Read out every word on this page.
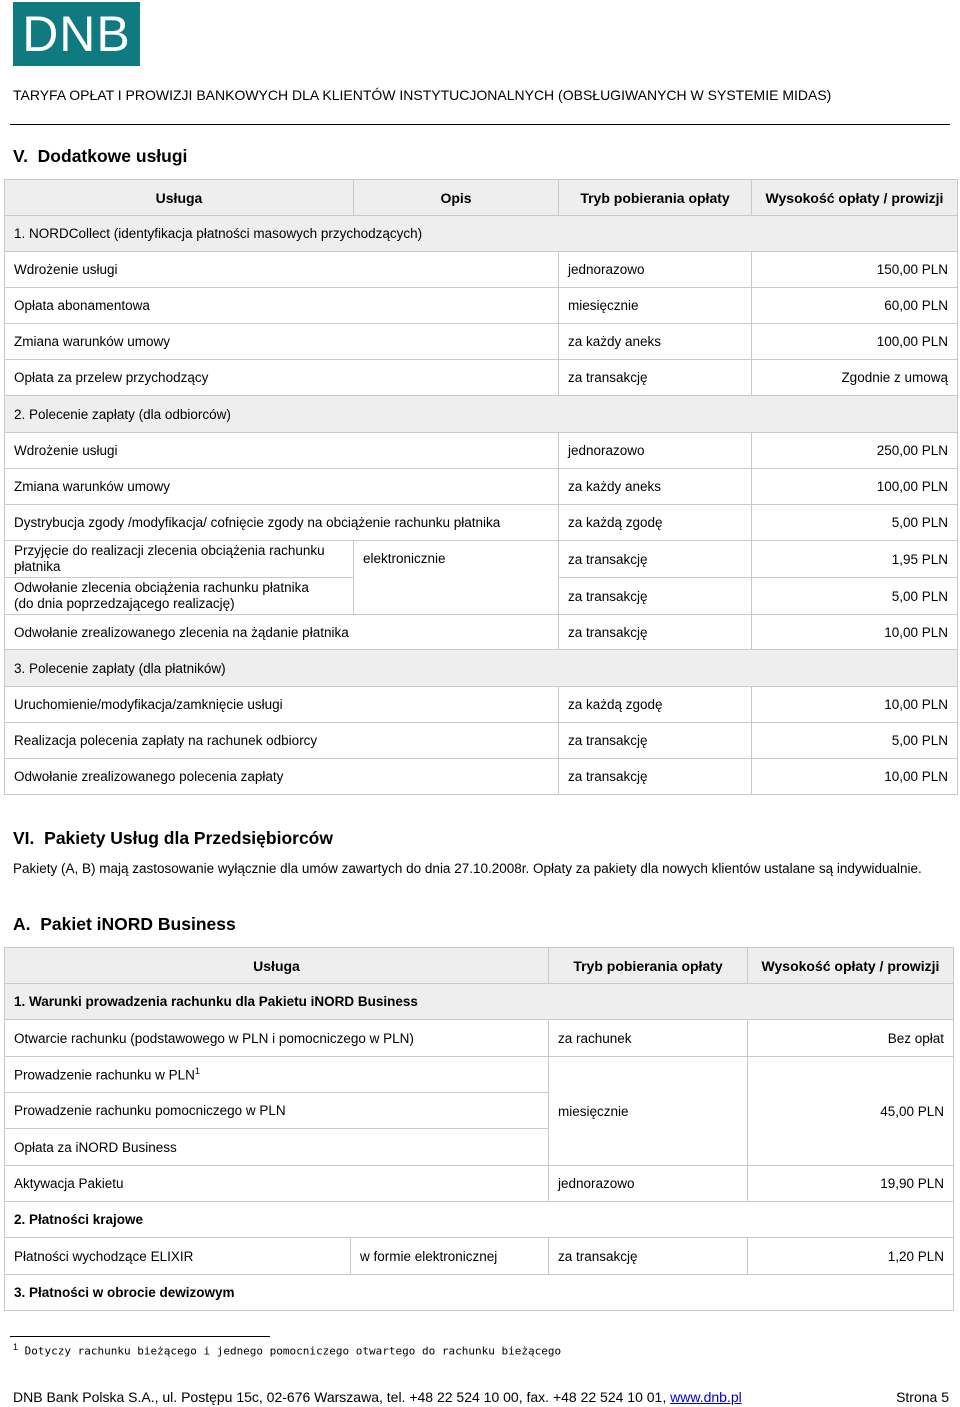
DNB
TARYFA OPŁAT I PROWIZJI BANKOWYCH DLA KLIENTÓW INSTYTUCJONALNYCH (OBSŁUGIWANYCH W SYSTEMIE MIDAS)
V. Dodatkowe usługi
Usługa	Opis	Tryb pobierania opłaty	Wysokość opłaty / prowizji
1. NORDCollect (identyfikacja płatności masowych przychodzących)			
Wdrożenie usługi		jednorazowo	150,00 PLN
Opłata abonamentowa		miesięcznie	60,00 PLN
Zmiana warunków umowy		za każdy aneks	100,00 PLN
Opłata za przelew przychodzący		za transakcję	Zgodnie z umową
2. Polecenie zapłaty (dla odbiorców)			
Wdrożenie usługi		jednorazowo	250,00 PLN
Zmiana warunków umowy		za każdy aneks	100,00 PLN
Dystrybucja zgody /modyfikacja/ cofnięcie zgody na obciążenie rachunku płatnika		za każdą zgodę	5,00 PLN

Przyjęcie do realizacji zlecenia obciążenia rachunku
płatnika	elektronicznie	za transakcję	1,95 PLN

Odwołanie zlecenia obciążenia rachunku płatnika
(do dnia poprzedzającego realizację)		za transakcję	5,00 PLN
Odwołanie zrealizowanego zlecenia na żądanie płatnika		za transakcję	10,00 PLN
3. Polecenie zapłaty (dla płatników)			
Uruchomienie/modyfikacja/zamknięcie usługi		za każdą zgodę	10,00 PLN
Realizacja polecenia zapłaty na rachunek odbiorcy		za transakcję	5,00 PLN
Odwołanie zrealizowanego polecenia zapłaty		za transakcję	10,00 PLN
VI. Pakiety Usług dla Przedsiębiorców
Pakiety (A, B) mają zastosowanie wyłącznie dla umów zawartych do dnia 27.10.2008r. Opłaty za pakiety dla nowych klientów ustalane są indywidualnie.
A. Pakiet iNORD Business
Usługa		Tryb pobierania opłaty	Wysokość opłaty / prowizji
1. Warunki prowadzenia rachunku dla Pakietu iNORD Business			
Otwarcie rachunku (podstawowego w PLN i pomocniczego w PLN)		za rachunek	Bez opłat
Prowadzenie rachunku w PLN$^1$		miesięcznie	45,00 PLN
Prowadzenie rachunku pomocniczego w PLN			
Opłata za iNORD Business			
Aktywacja Pakietu		jednorazowo	19,90 PLN
2. Płatności krajowe			
Płatności wychodzące ELIXIR	w formie elektronicznej	za transakcję	1,20 PLN
3. Płatności w obrocie dewizowym			
$^1$ Dotyczy rachunku bieżącego i jednego pomocniczego otwartego do rachunku bieżącego
DNB Bank Polska S.A., ul. Postępu 15c, 02-676 Warszawa, tel. +48 22 524 10 00, fax. +48 22 524 10 01, www.dnb.pl	Strona 5
